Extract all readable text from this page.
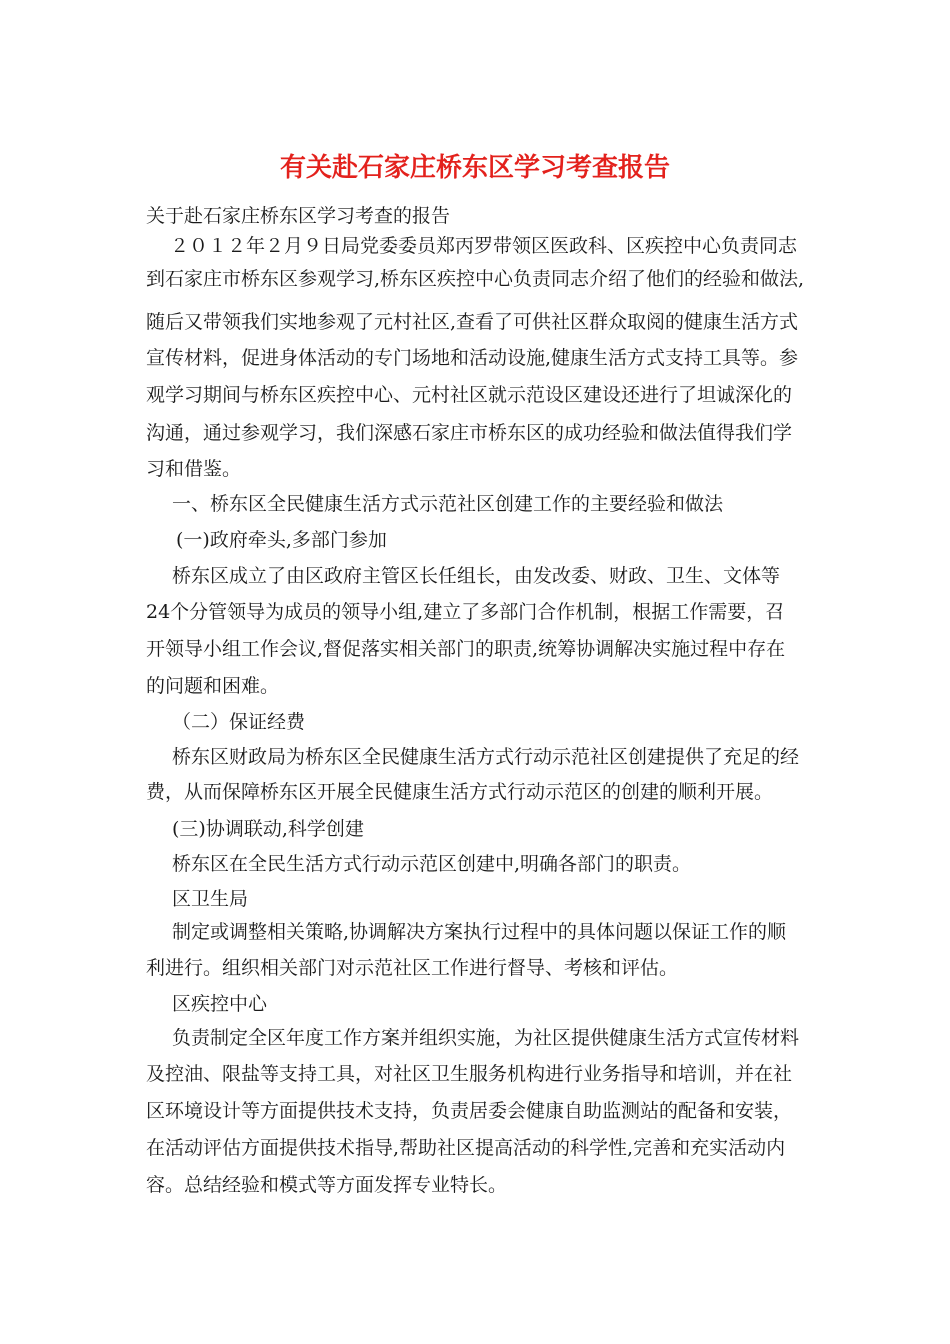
有关赴石家庄桥东区学习考查报告
关于赴石家庄桥东区学习考查的报告
２０１２年２月９日局党委委员郑丙罗带领区医政科、区疾控中心负责同志
到石家庄市桥东区参观学习,桥东区疾控中心负责同志介绍了他们的经验和做法,
随后又带领我们实地参观了元村社区,查看了可供社区群众取阅的健康生活方式
宣传材料，促进身体活动的专门场地和活动设施,健康生活方式支持工具等。参
观学习期间与桥东区疾控中心、元村社区就示范设区建设还进行了坦诚深化的
沟通，通过参观学习，我们深感石家庄市桥东区的成功经验和做法值得我们学
习和借鉴。
一、桥东区全民健康生活方式示范社区创建工作的主要经验和做法
(一)政府牵头,多部门参加
桥东区成立了由区政府主管区长任组长，由发改委、财政、卫生、文体等
24个分管领导为成员的领导小组,建立了多部门合作机制，根据工作需要，召
开领导小组工作会议,督促落实相关部门的职责,统筹协调解决实施过程中存在
的问题和困难。
（二）保证经费
桥东区财政局为桥东区全民健康生活方式行动示范社区创建提供了充足的经
费，从而保障桥东区开展全民健康生活方式行动示范区的创建的顺利开展。
(三)协调联动,科学创建
桥东区在全民生活方式行动示范区创建中,明确各部门的职责。
区卫生局
制定或调整相关策略,协调解决方案执行过程中的具体问题以保证工作的顺
利进行。组织相关部门对示范社区工作进行督导、考核和评估。
区疾控中心
负责制定全区年度工作方案并组织实施，为社区提供健康生活方式宣传材料
及控油、限盐等支持工具，对社区卫生服务机构进行业务指导和培训，并在社
区环境设计等方面提供技术支持，负责居委会健康自助监测站的配备和安装，
在活动评估方面提供技术指导,帮助社区提高活动的科学性,完善和充实活动内
容。总结经验和模式等方面发挥专业特长。
